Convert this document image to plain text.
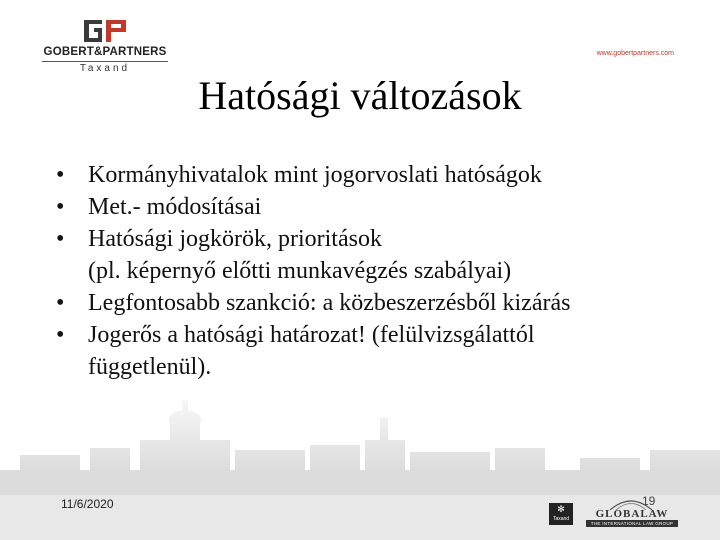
GOBERT&PARTNERS
Taxand
www.gobertpartners.com
Hatósági változások
• Kormányhivatalok mint jogorvoslati hatóságok
• Met.- módosításai
• Hatósági jogkörök, prioritások
(pl. képernyő előtti munkavégzés szabályai)
• Legfontosabb szankció: a közbeszerzésből kizárás
• Jogerős a hatósági határozat! (felülvizsgálattól
függetlenül).
11/6/2020	19
✻
Taxand	GLOBALAW
THE INTERNATIONAL LAW GROUP
